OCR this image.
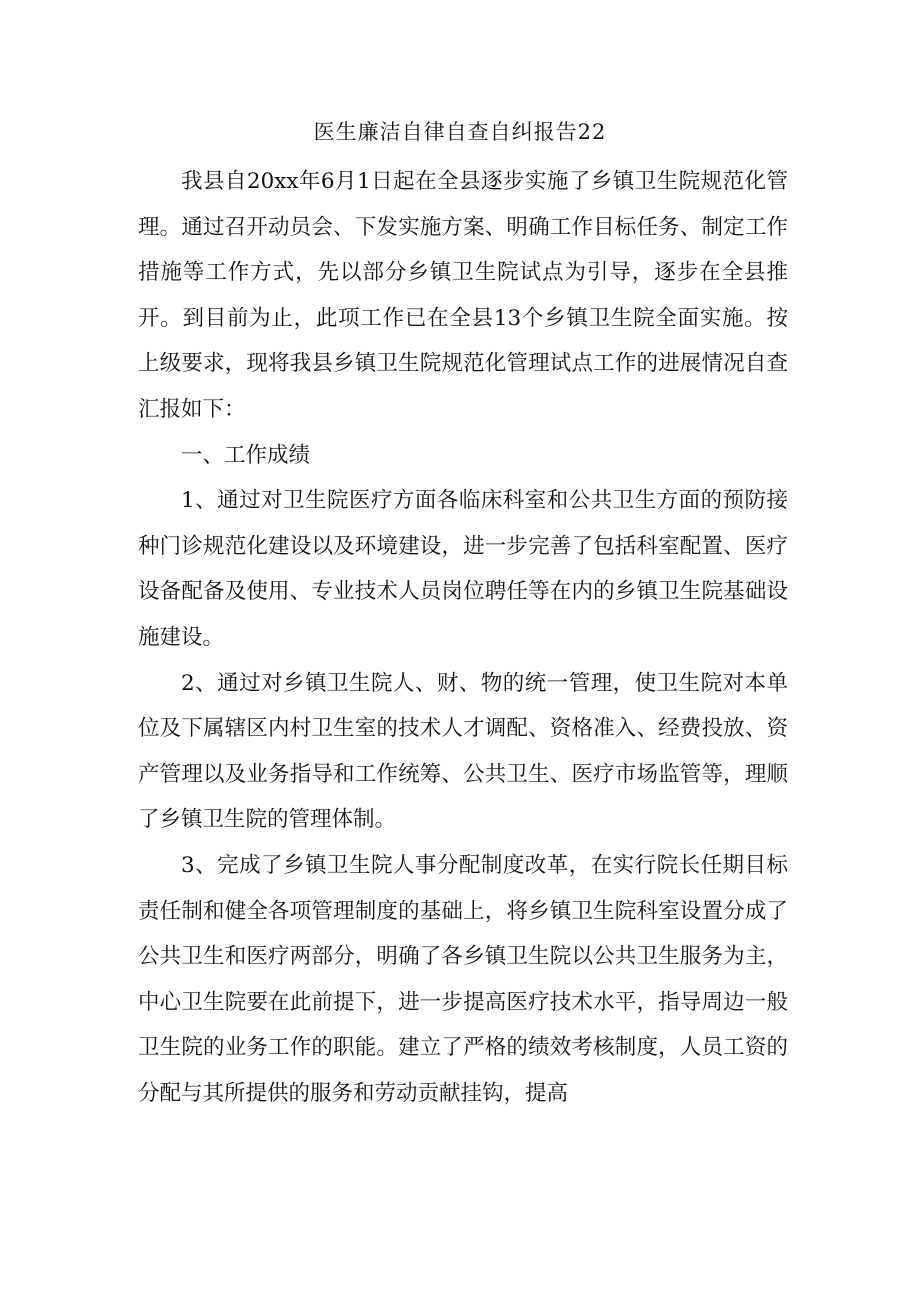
医生廉洁自律自查自纠报告22

我县自20xx年6月1日起在全县逐步实施了乡镇卫生院规范化管理。通过召开动员会、下发实施方案、明确工作目标任务、制定工作措施等工作方式，先以部分乡镇卫生院试点为引导，逐步在全县推开。到目前为止，此项工作已在全县13个乡镇卫生院全面实施。按上级要求，现将我县乡镇卫生院规范化管理试点工作的进展情况自查汇报如下：

一、工作成绩

1、通过对卫生院医疗方面各临床科室和公共卫生方面的预防接种门诊规范化建设以及环境建设，进一步完善了包括科室配置、医疗设备配备及使用、专业技术人员岗位聘任等在内的乡镇卫生院基础设施建设。

2、通过对乡镇卫生院人、财、物的统一管理，使卫生院对本单位及下属辖区内村卫生室的技术人才调配、资格准入、经费投放、资产管理以及业务指导和工作统筹、公共卫生、医疗市场监管等，理顺了乡镇卫生院的管理体制。

3、完成了乡镇卫生院人事分配制度改革，在实行院长任期目标责任制和健全各项管理制度的基础上，将乡镇卫生院科室设置分成了公共卫生和医疗两部分，明确了各乡镇卫生院以公共卫生服务为主，中心卫生院要在此前提下，进一步提高医疗技术水平，指导周边一般卫生院的业务工作的职能。建立了严格的绩效考核制度，人员工资的分配与其所提供的服务和劳动贡献挂钩，提高
